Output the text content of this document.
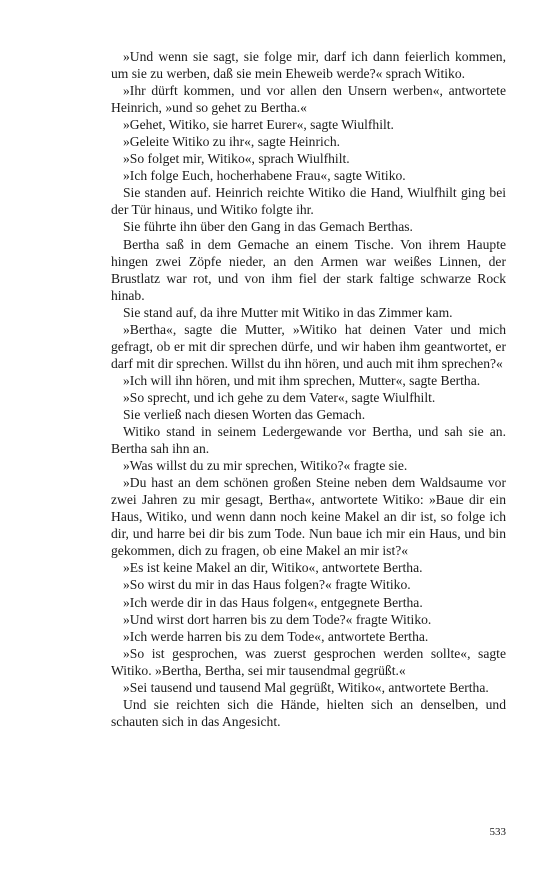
»Und wenn sie sagt, sie folge mir, darf ich dann feierlich kommen, um sie zu werben, daß sie mein Eheweib werde?« sprach Witiko.

»Ihr dürft kommen, und vor allen den Unsern werben«, antwortete Heinrich, »und so gehet zu Bertha.«

»Gehet, Witiko, sie harret Eurer«, sagte Wiulfhilt.

»Geleite Witiko zu ihr«, sagte Heinrich.

»So folget mir, Witiko«, sprach Wiulfhilt.

»Ich folge Euch, hocherhabene Frau«, sagte Witiko.

Sie standen auf. Heinrich reichte Witiko die Hand, Wiulfhilt ging bei der Tür hinaus, und Witiko folgte ihr.

Sie führte ihn über den Gang in das Gemach Berthas.

Bertha saß in dem Gemache an einem Tische. Von ihrem Haupte hingen zwei Zöpfe nieder, an den Armen war weißes Linnen, der Brustlatz war rot, und von ihm fiel der stark faltige schwarze Rock hinab.

Sie stand auf, da ihre Mutter mit Witiko in das Zimmer kam.

»Bertha«, sagte die Mutter, »Witiko hat deinen Vater und mich gefragt, ob er mit dir sprechen dürfe, und wir haben ihm geantwortet, er darf mit dir sprechen. Willst du ihn hören, und auch mit ihm sprechen?«

»Ich will ihn hören, und mit ihm sprechen, Mutter«, sagte Bertha.

»So sprecht, und ich gehe zu dem Vater«, sagte Wiulfhilt.

Sie verließ nach diesen Worten das Gemach.

Witiko stand in seinem Ledergewande vor Bertha, und sah sie an. Bertha sah ihn an.

»Was willst du zu mir sprechen, Witiko?« fragte sie.

»Du hast an dem schönen großen Steine neben dem Waldsaume vor zwei Jahren zu mir gesagt, Bertha«, antwortete Witiko: »Baue dir ein Haus, Witiko, und wenn dann noch keine Makel an dir ist, so folge ich dir, und harre bei dir bis zum Tode. Nun baue ich mir ein Haus, und bin gekommen, dich zu fragen, ob eine Makel an mir ist?«

»Es ist keine Makel an dir, Witiko«, antwortete Bertha.

»So wirst du mir in das Haus folgen?« fragte Witiko.

»Ich werde dir in das Haus folgen«, entgegnete Bertha.

»Und wirst dort harren bis zu dem Tode?« fragte Witiko.

»Ich werde harren bis zu dem Tode«, antwortete Bertha.

»So ist gesprochen, was zuerst gesprochen werden sollte«, sagte Witiko. »Bertha, Bertha, sei mir tausendmal gegrüßt.«

»Sei tausend und tausend Mal gegrüßt, Witiko«, antwortete Bertha.

Und sie reichten sich die Hände, hielten sich an denselben, und schauten sich in das Angesicht.

533
